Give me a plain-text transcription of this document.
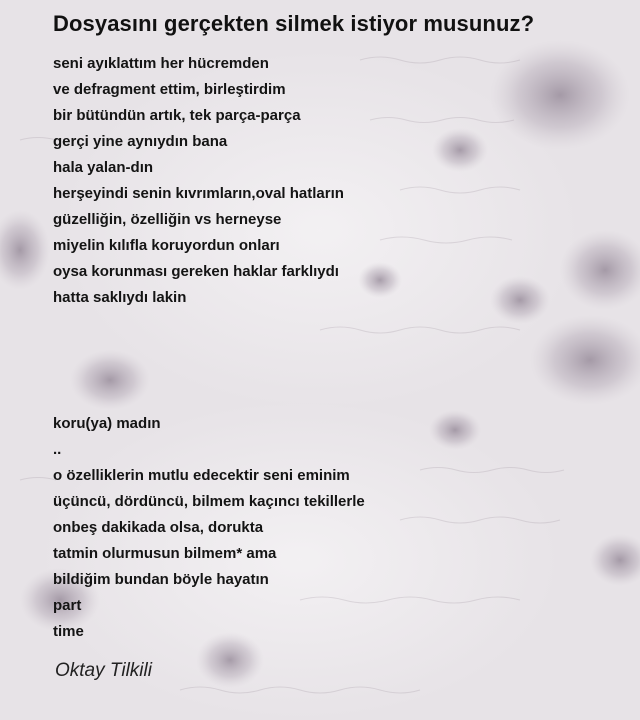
Dosyasını gerçekten silmek istiyor musunuz?
seni ayıklattım her hücremden
ve defragment ettim, birleştirdim
bir bütündün artık, tek parça-parça
gerçi yine aynıydın bana
hala yalan-dın
herşeyindi senin kıvrımların,oval hatların
güzelliğin, özelliğin vs herneyse
miyelin kılıfla koruyordun onları
oysa korunması gereken haklar farklıydı
hatta saklıydı lakin
koru(ya) madın
..
o özelliklerin mutlu edecektir seni eminim
üçüncü, dördüncü, bilmem kaçıncı tekillerle
onbeş dakikada olsa, dorukta
tatmin olurmusun bilmem* ama
bildiğim bundan böyle hayatın
part
time
Oktay Tilkili
